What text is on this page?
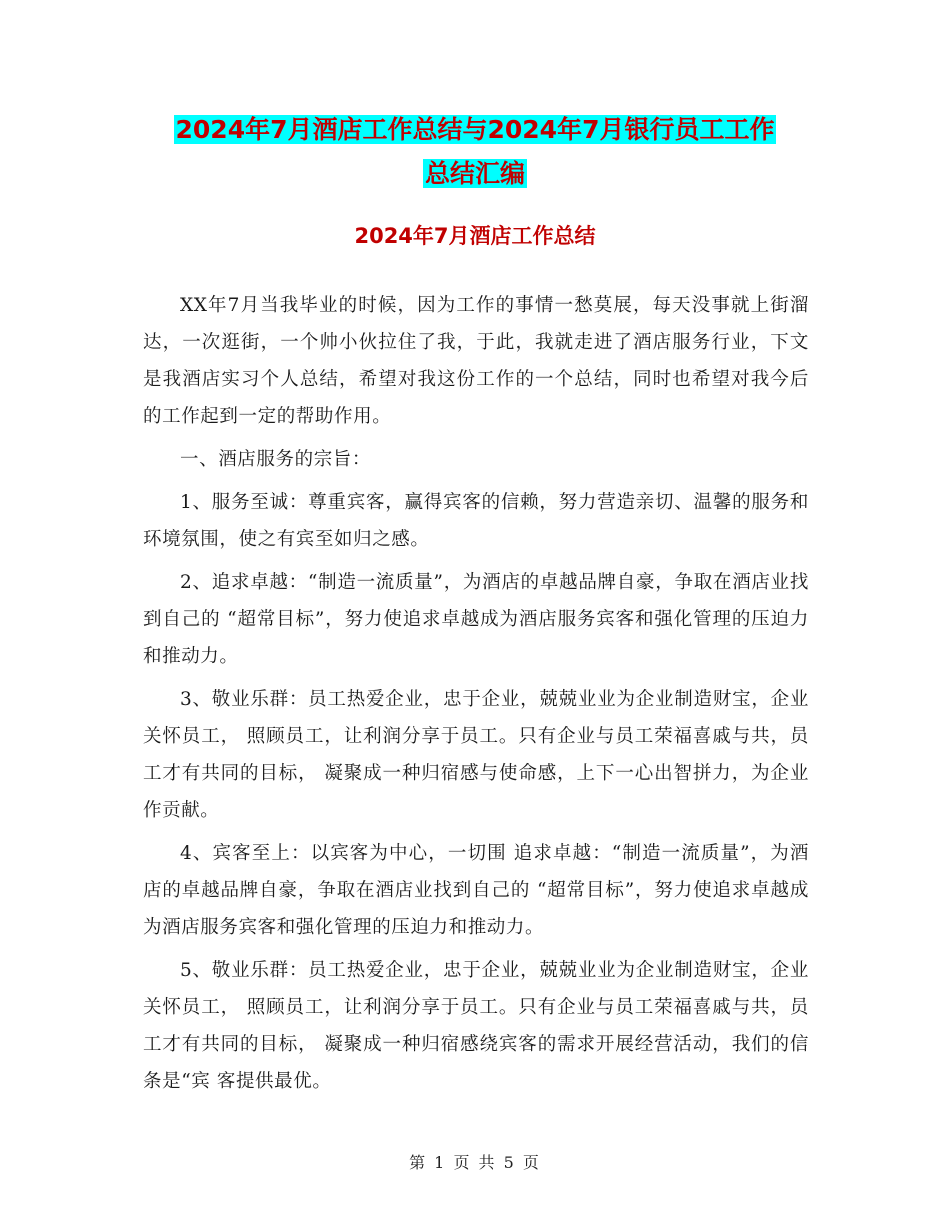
2024年7月酒店工作总结与2024年7月银行员工工作
总结汇编
2024年7月酒店工作总结

XX年7月当我毕业的时候，因为工作的事情一愁莫展，每天没事就上街溜达，一次逛街，一个帅小伙拉住了我，于此，我就走进了酒店服务行业，下文是我酒店实习个人总结，希望对我这份工作的一个总结，同时也希望对我今后的工作起到一定的帮助作用。

一、酒店服务的宗旨：

1、服务至诚：尊重宾客，赢得宾客的信赖，努力营造亲切、温馨的服务和环境氛围，使之有宾至如归之感。

2、追求卓越：“制造一流质量”，为酒店的卓越品牌自豪，争取在酒店业找到自己的 “超常目标”，努力使追求卓越成为酒店服务宾客和强化管理的压迫力和推动力。

3、敬业乐群：员工热爱企业，忠于企业，兢兢业业为企业制造财宝，企业关怀员工， 照顾员工，让利润分享于员工。只有企业与员工荣福喜戚与共，员工才有共同的目标， 凝聚成一种归宿感与使命感，上下一心出智拼力，为企业作贡献。

4、宾客至上：以宾客为中心，一切围 追求卓越：“制造一流质量”，为酒店的卓越品牌自豪，争取在酒店业找到自己的 “超常目标”，努力使追求卓越成为酒店服务宾客和强化管理的压迫力和推动力。

5、敬业乐群：员工热爱企业，忠于企业，兢兢业业为企业制造财宝，企业关怀员工， 照顾员工，让利润分享于员工。只有企业与员工荣福喜戚与共，员工才有共同的目标， 凝聚成一种归宿感绕宾客的需求开展经营活动，我们的信条是“宾 客提供最优。

第 1 页 共 5 页
